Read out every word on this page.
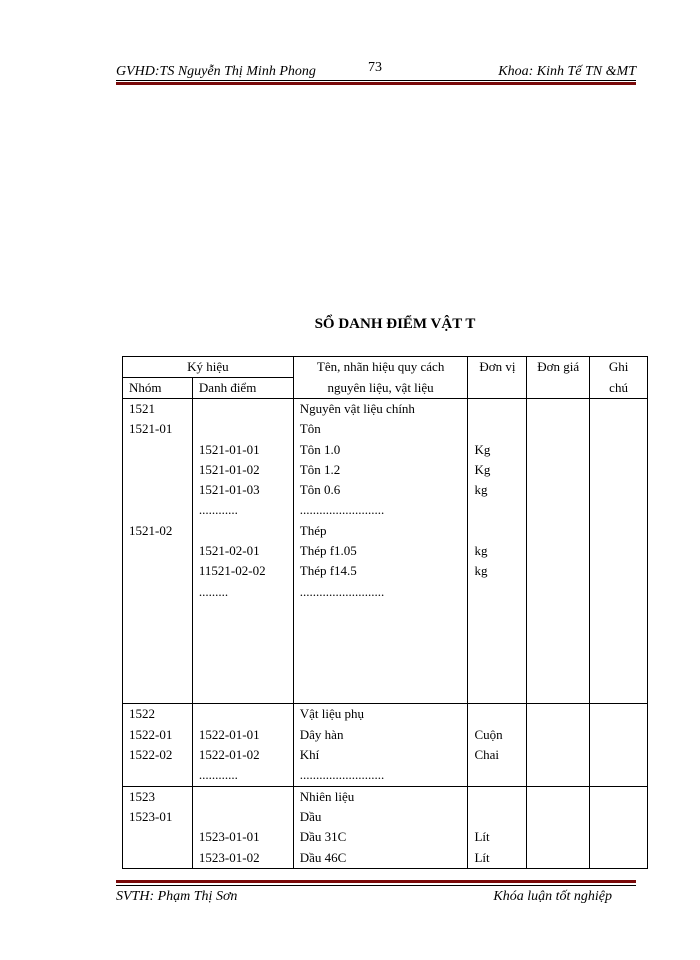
GVHD:TS Nguyễn Thị Minh Phong	73	Khoa: Kinh Tế TN &MT
SỔ DANH ĐIỂM VẬT T
Ký hiệu		Tên, nhãn hiệu quy cách	Đơn vị	Đơn giá	Ghi
Nhóm	Danh điểm	nguyên liệu, vật liệu			chú
1521		Nguyên vật liệu chính			
1521-01		Tôn			
	1521-01-01	Tôn 1.0	Kg		
	1521-01-02	Tôn 1.2	Kg		
	1521-01-03	Tôn 0.6	kg		
	............	..........................			
1521-02		Thép			
	1521-02-01	Thép f1.05	kg		
	11521-02-02	Thép f14.5	kg		
	.........	..........................			

1522		Vật liệu phụ			
1522-01	1522-01-01	Dây hàn	Cuộn		
1522-02	1522-01-02	Khí	Chai		
	............	..........................			
1523		Nhiên liệu			
1523-01		Dầu			
	1523-01-01	Dầu 31C	Lít		
	1523-01-02	Dầu 46C	Lít		
SVTH: Phạm Thị Sơn	Khóa luận tốt nghiệp
